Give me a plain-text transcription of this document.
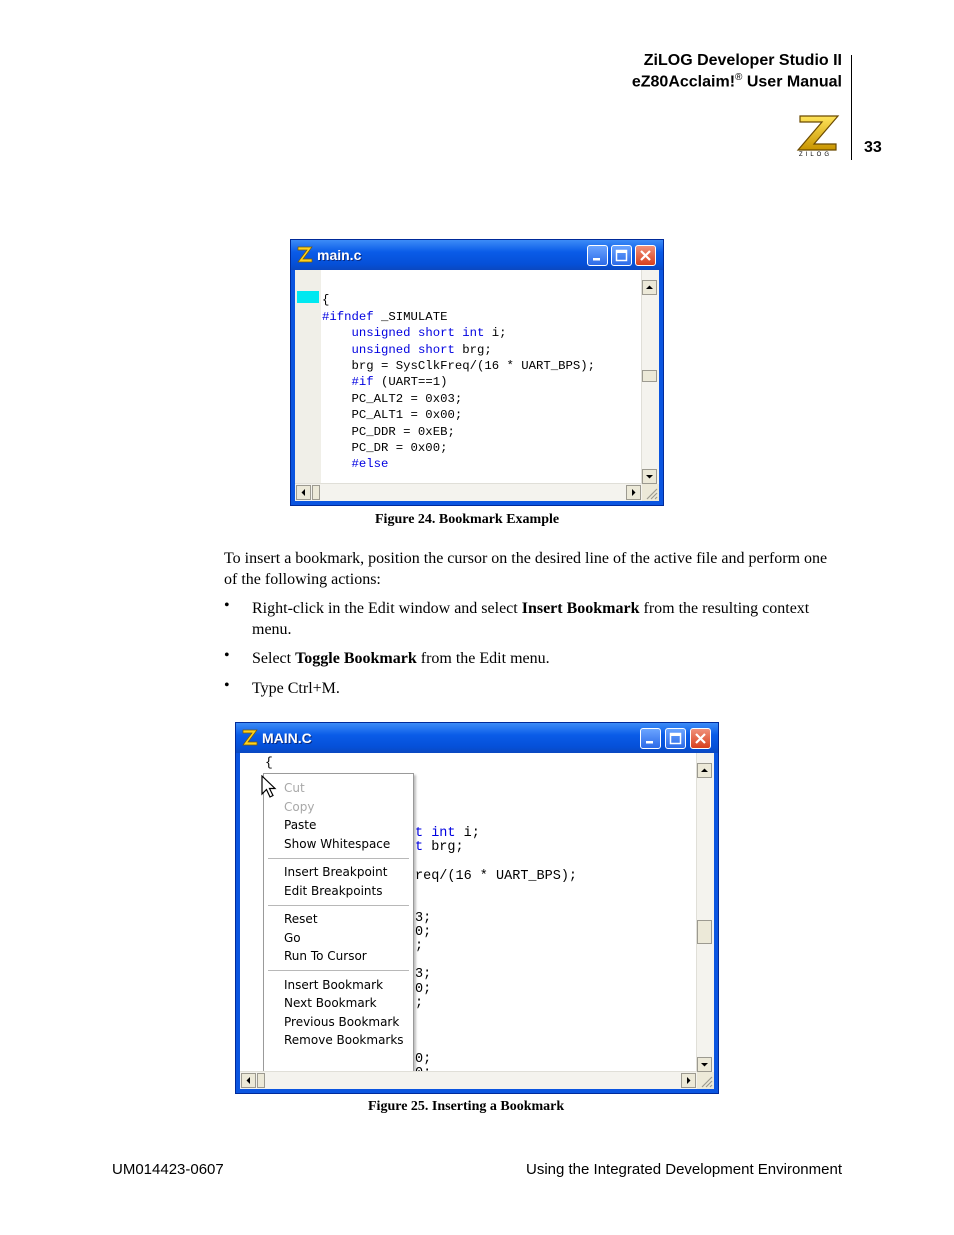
ZiLOG Developer Studio II
eZ80Acclaim!® User Manual
ZILOG 33
main.c

{
#ifndef _SIMULATE
unsigned short int i;
unsigned short brg;
brg = SysClkFreq/(16 * UART_BPS);
#if (UART==1)
PC_ALT2 = 0x03;
PC_ALT1 = 0x00;
PC_DDR = 0xEB;
PC_DR = 0x00;
#else
Figure 24. Bookmark Example
To insert a bookmark, position the cursor on the desired line of the active file and perform one of the following actions:
• Right-click in the Edit window and select Insert Bookmark from the resulting context menu.
• Select Toggle Bookmark from the Edit menu.
• Type Ctrl+M.
MAIN.C
{

t int i;
t brg;
req/(16 * UART_BPS);
3;
0;
;
3;
0;
;
0;
Cut
Copy
Paste
Show Whitespace
Insert Breakpoint
Edit Breakpoints
Reset
Go
Run To Cursor
Insert Bookmark
Next Bookmark
Previous Bookmark
Remove Bookmarks
Figure 25. Inserting a Bookmark
UM014423-0607	Using the Integrated Development Environment
